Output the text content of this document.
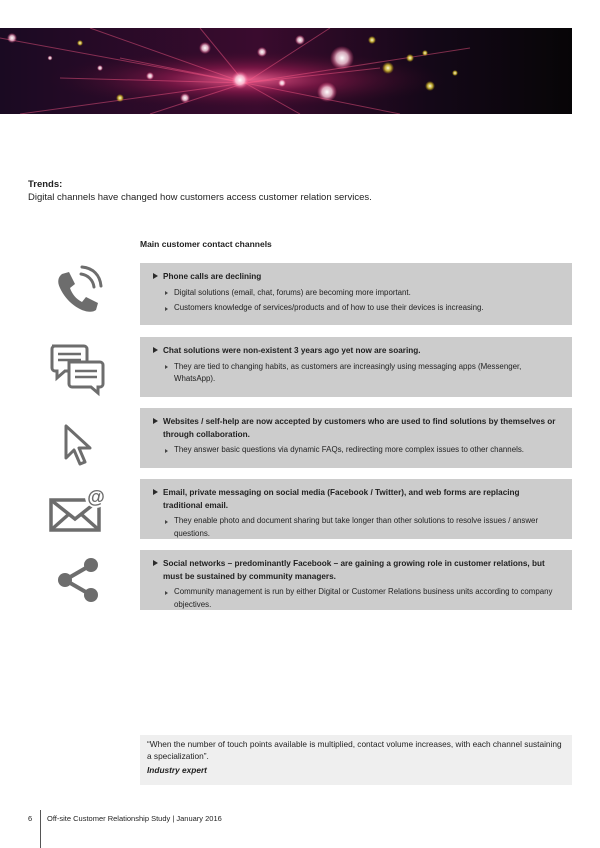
Trends:
Digital channels have changed how customers access customer relation services.
Main customer contact channels
@
Phone calls are declining
Digital solutions (email, chat, forums) are becoming more important.
Customers knowledge of services/products and of how to use their devices is increasing.
Chat solutions were non-existent 3 years ago yet now are soaring.
They are tied to changing habits, as customers are increasingly using messaging apps (Messenger, WhatsApp).
Websites / self-help are now accepted by customers who are used to find solutions by themselves or through collaboration.
They answer basic questions via dynamic FAQs, redirecting more complex issues to other channels.
Email, private messaging on social media (Facebook / Twitter), and web forms are replacing traditional email.
They enable photo and document sharing but take longer than other solutions to resolve issues / answer questions.
Social networks – predominantly Facebook – are gaining a growing role in customer relations, but must be sustained by community managers.
Community management is run by either Digital or Customer Relations business units according to company objectives.
“When the number of touch points available is multiplied, contact volume increases, with each channel sustaining a specialization”.
Industry expert
6 Off-site Customer Relationship Study | January 2016
